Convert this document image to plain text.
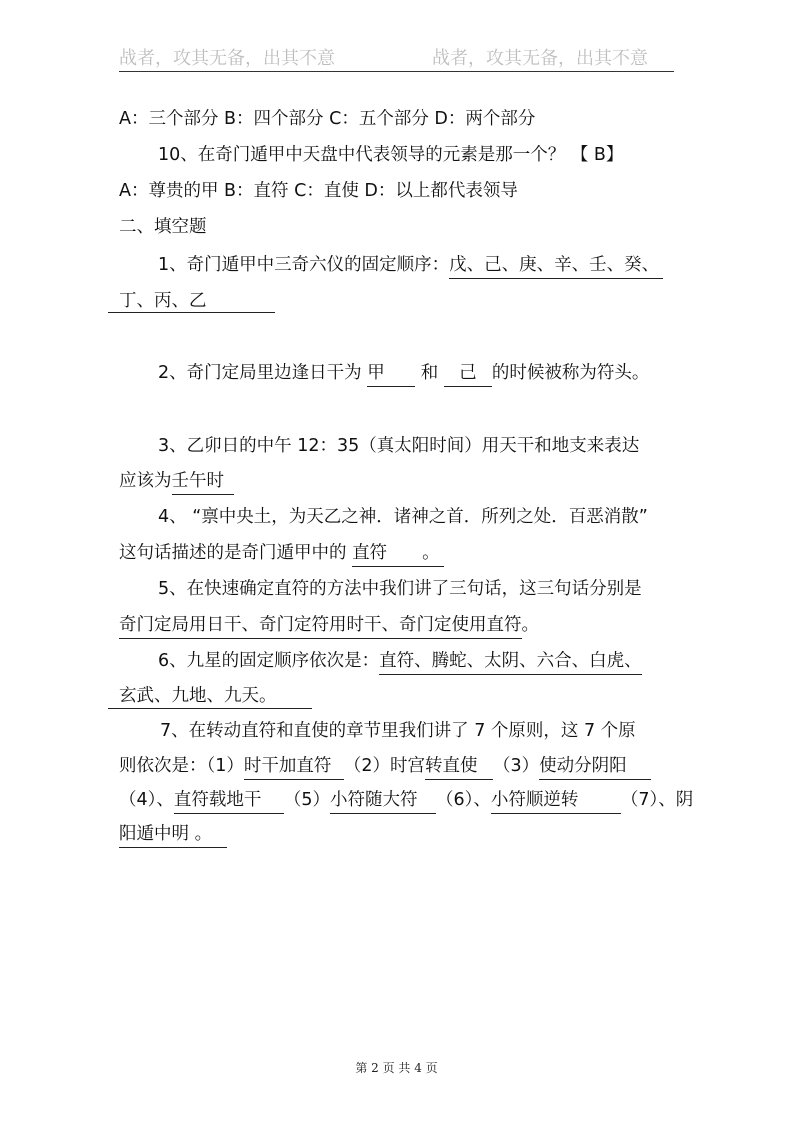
战者，攻其无备，出其不意	战者，攻其无备，出其不意
A：三个部分 B：四个部分 C：五个部分 D：两个部分
10、在奇门遁甲中天盘中代表领导的元素是那一个？ 【 B】
A：尊贵的甲 B：直符 C：直使 D：以上都代表领导
二、填空题
1、奇门遁甲中三奇六仪的固定顺序：戊、己、庚、辛、壬、癸、
丁、丙、乙
2、奇门定局里边逢日干为 甲 和 己 的时候被称为符头。
3、乙卯日的中午 12：35（真太阳时间）用天干和地支来表达
应该为壬午时
4、 “禀中央土，为天乙之神．诸神之首．所列之处．百恶消散”
这句话描述的是奇门遁甲中的 直符 。
5、在快速确定直符的方法中我们讲了三句话，这三句话分别是
奇门定局用日干、奇门定符用时干、奇门定使用直符。
6、九星的固定顺序依次是：直符、腾蛇、太阴、六合、白虎、
玄武、九地、九天。
7、在转动直符和直使的章节里我们讲了 7 个原则，这 7 个原
则依次是：（1）时干加直符 （2）时宫转直使 （3）使动分阴阳
（4）、直符载地干 （5）小符随大符 （6）、小符顺逆转 （7）、阴
阳遁中明 。
第 2 页 共 4 页
